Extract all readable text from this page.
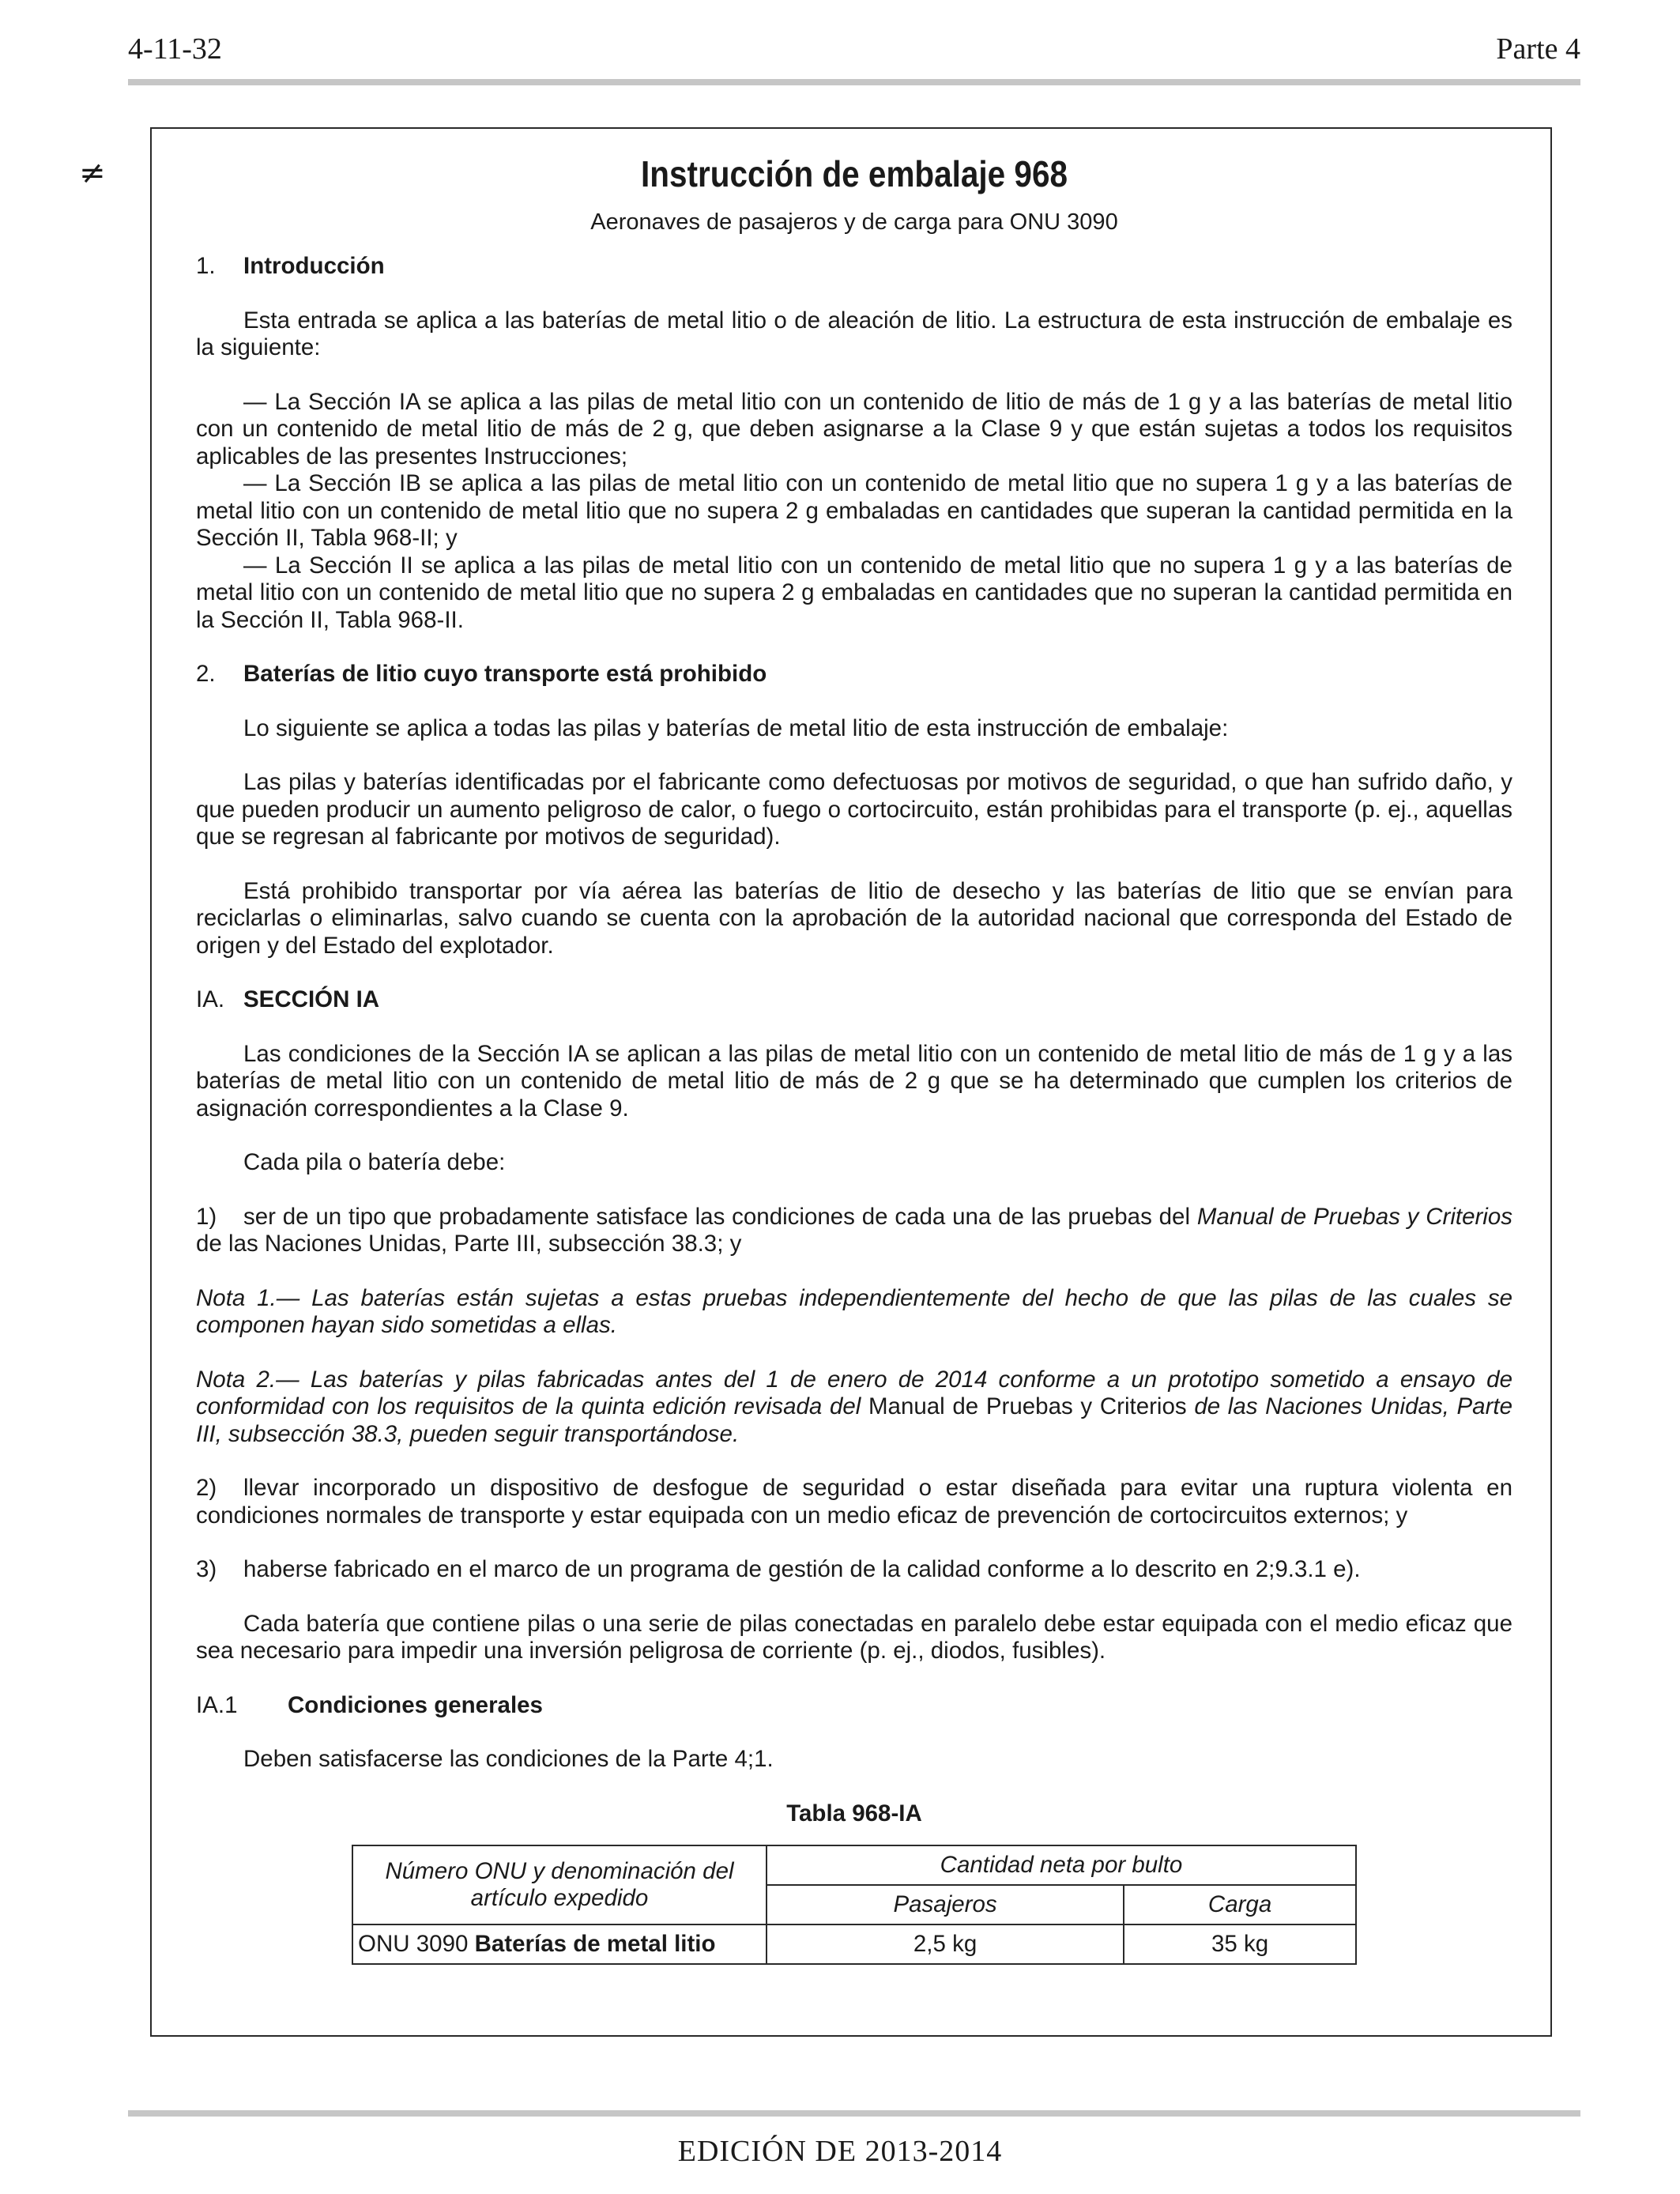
4-11-32	Parte 4
≠	Instrucción de embalaje 968
Aeronaves de pasajeros y de carga para ONU 3090
1. Introducción

Esta entrada se aplica a las baterías de metal litio o de aleación de litio. La estructura de esta instrucción de embalaje es la siguiente:

— La Sección IA se aplica a las pilas de metal litio con un contenido de litio de más de 1 g y a las baterías de metal litio con un contenido de metal litio de más de 2 g, que deben asignarse a la Clase 9 y que están sujetas a todos los requisitos aplicables de las presentes Instrucciones;

— La Sección IB se aplica a las pilas de metal litio con un contenido de metal litio que no supera 1 g y a las baterías de metal litio con un contenido de metal litio que no supera 2 g embaladas en cantidades que superan la cantidad permitida en la Sección II, Tabla 968-II; y

— La Sección II se aplica a las pilas de metal litio con un contenido de metal litio que no supera 1 g y a las baterías de metal litio con un contenido de metal litio que no supera 2 g embaladas en cantidades que no superan la cantidad permitida en la Sección II, Tabla 968-II.

2. Baterías de litio cuyo transporte está prohibido

Lo siguiente se aplica a todas las pilas y baterías de metal litio de esta instrucción de embalaje:

Las pilas y baterías identificadas por el fabricante como defectuosas por motivos de seguridad, o que han sufrido daño, y que pueden producir un aumento peligroso de calor, o fuego o cortocircuito, están prohibidas para el transporte (p. ej., aquellas que se regresan al fabricante por motivos de seguridad).

Está prohibido transportar por vía aérea las baterías de litio de desecho y las baterías de litio que se envían para reciclarlas o eliminarlas, salvo cuando se cuenta con la aprobación de la autoridad nacional que corresponda del Estado de origen y del Estado del explotador.

IA. SECCIÓN IA

Las condiciones de la Sección IA se aplican a las pilas de metal litio con un contenido de metal litio de más de 1 g y a las baterías de metal litio con un contenido de metal litio de más de 2 g que se ha determinado que cumplen los criterios de asignación correspondientes a la Clase 9.

Cada pila o batería debe:

1) ser de un tipo que probadamente satisface las condiciones de cada una de las pruebas del Manual de Pruebas y Criterios de las Naciones Unidas, Parte III, subsección 38.3; y

Nota 1.— Las baterías están sujetas a estas pruebas independientemente del hecho de que las pilas de las cuales se componen hayan sido sometidas a ellas.

Nota 2.— Las baterías y pilas fabricadas antes del 1 de enero de 2014 conforme a un prototipo sometido a ensayo de conformidad con los requisitos de la quinta edición revisada del Manual de Pruebas y Criterios de las Naciones Unidas, Parte III, subsección 38.3, pueden seguir transportándose.

2) llevar incorporado un dispositivo de desfogue de seguridad o estar diseñada para evitar una ruptura violenta en condiciones normales de transporte y estar equipada con un medio eficaz de prevención de cortocircuitos externos; y

3) haberse fabricado en el marco de un programa de gestión de la calidad conforme a lo descrito en 2;9.3.1 e).

Cada batería que contiene pilas o una serie de pilas conectadas en paralelo debe estar equipada con el medio eficaz que sea necesario para impedir una inversión peligrosa de corriente (p. ej., diodos, fusibles).

IA.1 Condiciones generales

Deben satisfacerse las condiciones de la Parte 4;1.

Tabla 968-IA
Número ONU y denominación del artículo expedido	Cantidad neta por bulto	
	Pasajeros	Carga
ONU 3090 Baterías de metal litio	2,5 kg	35 kg
EDICIÓN DE 2013-2014
